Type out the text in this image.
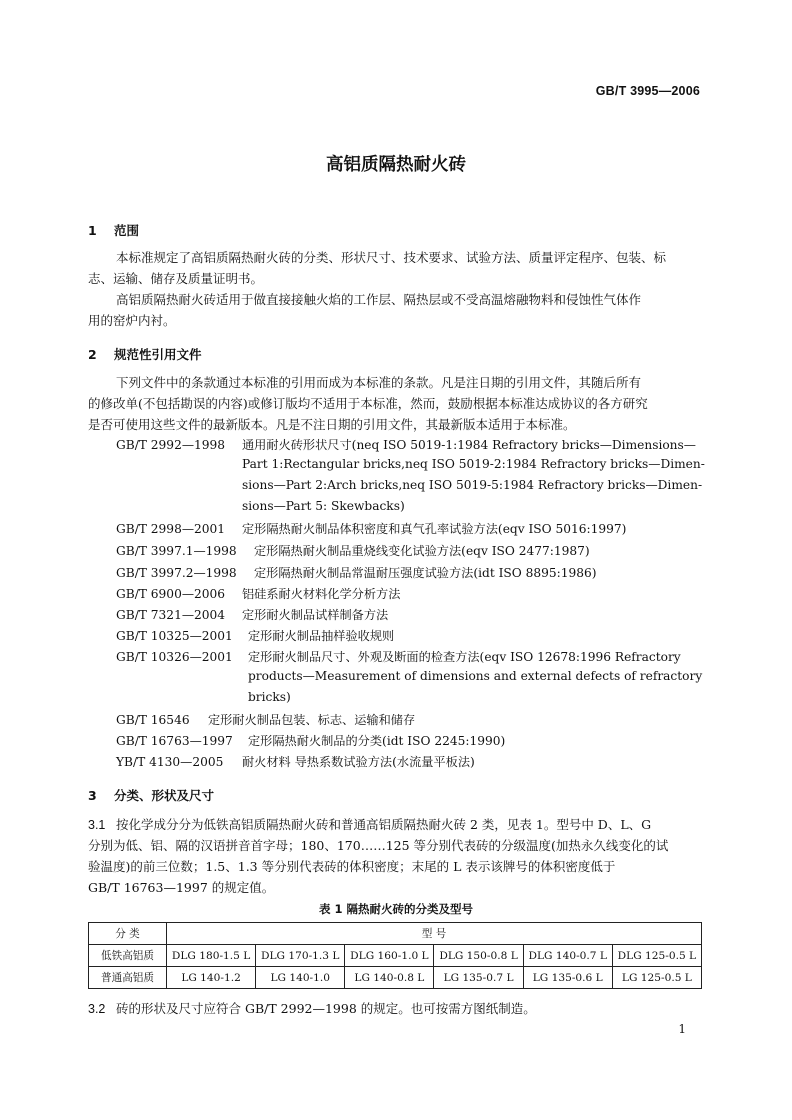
GB/T 3995—2006
高铝质隔热耐火砖
1 范围
本标准规定了高铝质隔热耐火砖的分类、形状尺寸、技术要求、试验方法、质量评定程序、包装、标
志、运输、储存及质量证明书。
高铝质隔热耐火砖适用于做直接接触火焰的工作层、隔热层或不受高温熔融物料和侵蚀性气体作
用的窑炉内衬。
2 规范性引用文件
下列文件中的条款通过本标准的引用而成为本标准的条款。凡是注日期的引用文件，其随后所有
的修改单(不包括勘误的内容)或修订版均不适用于本标准，然而，鼓励根据本标准达成协议的各方研究
是否可使用这些文件的最新版本。凡是不注日期的引用文件，其最新版本适用于本标准。
GB/T 2992—1998 通用耐火砖形状尺寸(neq ISO 5019-1:1984 Refractory bricks—Dimensions—
Part 1:Rectangular bricks,neq ISO 5019-2:1984 Refractory bricks—Dimen-
sions—Part 2:Arch bricks,neq ISO 5019-5:1984 Refractory bricks—Dimen-
sions—Part 5: Skewbacks)
GB/T 2998—2001 定形隔热耐火制品体积密度和真气孔率试验方法(eqv ISO 5016:1997)
GB/T 3997.1—1998 定形隔热耐火制品重烧线变化试验方法(eqv ISO 2477:1987)
GB/T 3997.2—1998 定形隔热耐火制品常温耐压强度试验方法(idt ISO 8895:1986)
GB/T 6900—2006 铝硅系耐火材料化学分析方法
GB/T 7321—2004 定形耐火制品试样制备方法
GB/T 10325—2001 定形耐火制品抽样验收规则
GB/T 10326—2001 定形耐火制品尺寸、外观及断面的检查方法(eqv ISO 12678:1996 Refractory
products—Measurement of dimensions and external defects of refractory
bricks)
GB/T 16546 定形耐火制品包装、标志、运输和储存
GB/T 16763—1997 定形隔热耐火制品的分类(idt ISO 2245:1990)
YB/T 4130—2005 耐火材料 导热系数试验方法(水流量平板法)
3 分类、形状及尺寸
3.1 按化学成分分为低铁高铝质隔热耐火砖和普通高铝质隔热耐火砖 2 类，见表 1。型号中 D、L、G
分别为低、铝、隔的汉语拼音首字母；180、170……125 等分别代表砖的分级温度(加热永久线变化的试
验温度)的前三位数；1.5、1.3 等分别代表砖的体积密度；末尾的 L 表示该牌号的体积密度低于
GB/T 16763—1997 的规定值。
表 1 隔热耐火砖的分类及型号
分 类	型 号					
低铁高铝质	DLG 180-1.5 L	DLG 170-1.3 L	DLG 160-1.0 L	DLG 150-0.8 L	DLG 140-0.7 L	DLG 125-0.5 L
普通高铝质	LG 140-1.2	LG 140-1.0	LG 140-0.8 L	LG 135-0.7 L	LG 135-0.6 L	LG 125-0.5 L
3.2 砖的形状及尺寸应符合 GB/T 2992—1998 的规定。也可按需方图纸制造。
1
